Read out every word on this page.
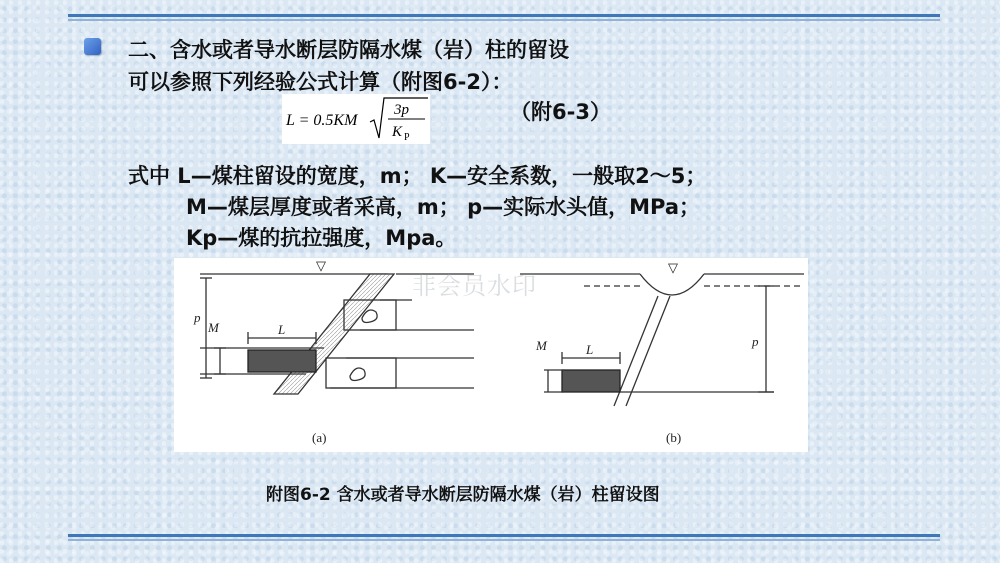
二、含水或者导水断层防隔水煤（岩）柱的留设
可以参照下列经验公式计算（附图6-2）：
L = 0.5KM
3p
K P
（附6-3）
式中 L—煤柱留设的宽度，m； K—安全系数，一般取2～5；
M—煤层厚度或者采高，m； p—实际水头值，MPa；
Kp—煤的抗拉强度，Mpa。
▽	▽
L
L
p
M
M	p
(a)	(b)
非会员水印
附图6-2 含水或者导水断层防隔水煤（岩）柱留设图
